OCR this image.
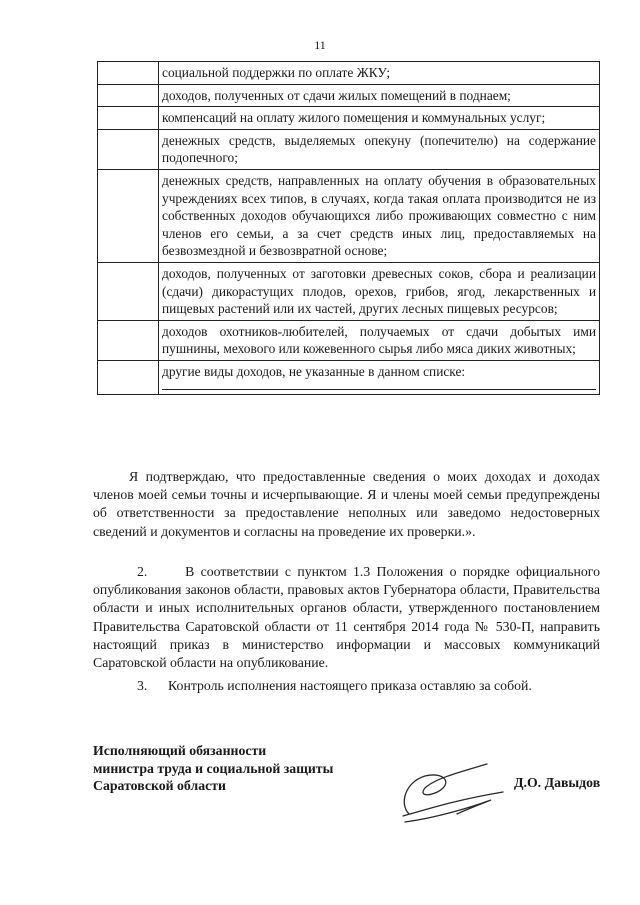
11
	социальной поддержки по оплате ЖКУ;
	доходов, полученных от сдачи жилых помещений в поднаем;
	компенсаций на оплату жилого помещения и коммунальных услуг;
	денежных средств, выделяемых опекуну (попечителю) на содержание подопечного;
	денежных средств, направленных на оплату обучения в образовательных учреждениях всех типов, в случаях, когда такая оплата производится не из собственных доходов обучающихся либо проживающих совместно с ним членов его семьи, а за счет средств иных лиц, предоставляемых на безвозмездной и безвозвратной основе;
	доходов, полученных от заготовки древесных соков, сбора и реализации (сдачи) дикорастущих плодов, орехов, грибов, ягод, лекарственных и пищевых растений или их частей, других лесных пищевых ресурсов;
	доходов охотников-любителей, получаемых от сдачи добытых ими пушнины, мехового или кожевенного сырья либо мяса диких животных;

	другие виды доходов, не указанные в данном списке:
Я подтверждаю, что предоставленные сведения о моих доходах и доходах членов моей семьи точны и исчерпывающие. Я и члены моей семьи предупреждены об ответственности за предоставление неполных или заведомо недостоверных сведений и документов и согласны на проведение их проверки.».
2.      В соответствии с пунктом 1.3 Положения о порядке официального опубликования законов области, правовых актов Губернатора области, Правительства области и иных исполнительных органов области, утвержденного постановлением Правительства Саратовской области от 11 сентября 2014 года № 530-П, направить настоящий приказ в министерство информации и массовых коммуникаций Саратовской области на опубликование.
3.      Контроль исполнения настоящего приказа оставляю за собой.
Исполняющий обязанности
министра труда и социальной защиты
Саратовской области	Д.О. Давыдов
